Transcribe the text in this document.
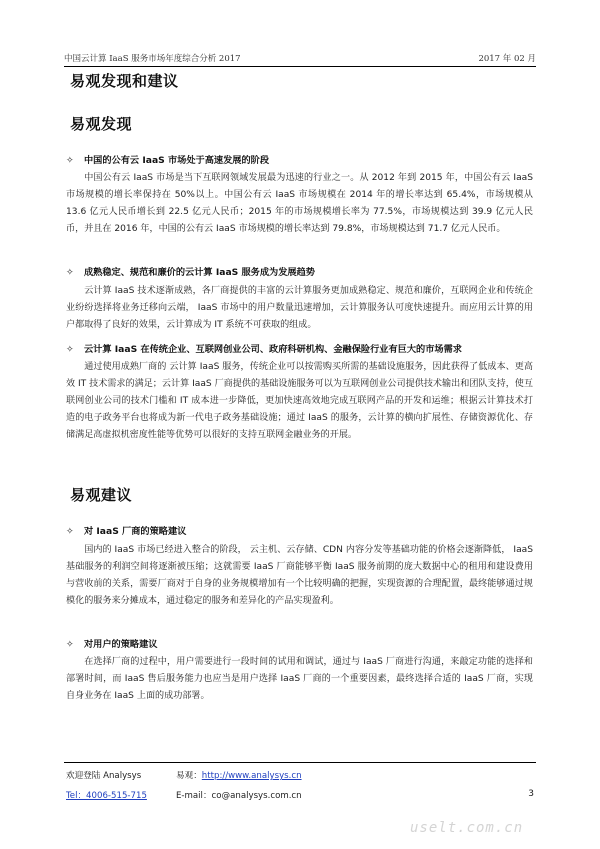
中国云计算 IaaS 服务市场年度综合分析 2017	2017 年 02 月
易观发现和建议
易观发现
✧ 中国的公有云 IaaS 市场处于高速发展的阶段
中国公有云 IaaS 市场是当下互联网领域发展最为迅速的行业之一。从 2012 年到 2015 年，中国公有云 IaaS 市场规模的增长率保持在 50%以上。中国公有云 IaaS 市场规模在 2014 年的增长率达到 65.4%，市场规模从 13.6 亿元人民币增长到 22.5 亿元人民币；2015 年的市场规模增长率为 77.5%，市场规模达到 39.9 亿元人民币，并且在 2016 年，中国的公有云 IaaS 市场规模的增长率达到 79.8%，市场规模达到 71.7 亿元人民币。
✧ 成熟稳定、规范和廉价的云计算 IaaS 服务成为发展趋势
云计算 IaaS 技术逐渐成熟，各厂商提供的丰富的云计算服务更加成熟稳定、规范和廉价，互联网企业和传统企业纷纷选择将业务迁移向云端， IaaS 市场中的用户数量迅速增加，云计算服务认可度快速提升。而应用云计算的用户都取得了良好的效果，云计算成为 IT 系统不可获取的组成。
✧ 云计算 IaaS 在传统企业、互联网创业公司、政府科研机构、金融保险行业有巨大的市场需求
通过使用成熟厂商的 云计算 IaaS 服务，传统企业可以按需购买所需的基础设施服务，因此获得了低成本、更高效 IT 技术需求的满足；云计算 IaaS 厂商提供的基础设施服务可以为互联网创业公司提供技术输出和团队支持，使互联网创业公司的技术门槛和 IT 成本进一步降低，更加快速高效地完成互联网产品的开发和运维；根据云计算技术打造的电子政务平台也将成为新一代电子政务基础设施；通过 IaaS 的服务，云计算的横向扩展性、存储资源优化、存储满足高虚拟机密度性能等优势可以很好的支持互联网金融业务的开展。
易观建议
✧ 对 IaaS 厂商的策略建议
国内的 IaaS 市场已经进入整合的阶段， 云主机、云存储、CDN 内容分发等基础功能的价格会逐渐降低， IaaS 基础服务的利润空间将逐渐被压缩；这就需要 IaaS 厂商能够平衡 IaaS 服务前期的庞大数据中心的租用和建设费用与营收前的关系，需要厂商对于自身的业务规模增加有一个比较明确的把握，实现资源的合理配置，最终能够通过规模化的服务来分摊成本，通过稳定的服务和差异化的产品实现盈利。
✧ 对用户的策略建议
在选择厂商的过程中，用户需要进行一段时间的试用和调试，通过与 IaaS 厂商进行沟通，来敲定功能的选择和部署时间，而 IaaS 售后服务能力也应当是用户选择 IaaS 厂商的一个重要因素，最终选择合适的 IaaS 厂商，实现自身业务在 IaaS 上面的成功部署。
欢迎登陆 Analysys	易观：http://www.analysys.cn
Tel：4006-515-715	E-mail：co@analysys.com.cn	3
uselt.com.cn
